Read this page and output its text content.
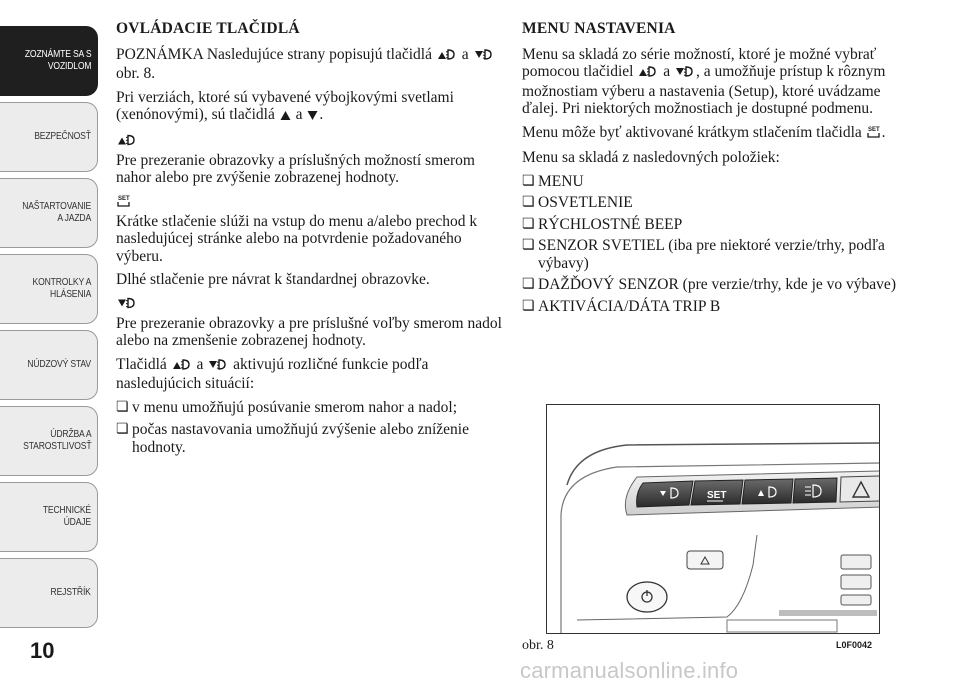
ZOZNÁMTE SA S
VOZIDLOM
BEZPEČNOSŤ
NAŠTARTOVANIE
A JAZDA
KONTROLKY A
HLÁSENIA
NÚDZOVÝ STAV
ÚDRŽBA A
STAROSTLIVOSŤ
TECHNICKÉ
ÚDAJE
REJSTŘÍK
10
OVLÁDACIE TLAČIDLÁ

POZNÁMKA Nasledujúce strany popisujú tlačidlá a  obr. 8.

Pri verziách, ktoré sú vybavené výbojkovými svetlami (xenónovými), sú tlačidlá a .

Pre prezeranie obrazovky a príslušných možností smerom nahor alebo pre zvýšenie zobrazenej hodnoty.

SET

Krátke stlačenie slúži na vstup do menu a/alebo prechod k nasledujúcej stránke alebo na potvrdenie požadovaného výberu.

Dlhé stlačenie pre návrat k štandardnej obrazovke.

Pre prezeranie obrazovky a pre príslušné voľby smerom nadol alebo na zmenšenie zobrazenej hodnoty.

Tlačidlá a aktivujú rozličné funkcie podľa nasledujúcich situácií:

❏ v menu umožňujú posúvanie smerom nahor a nadol;
❏ počas nastavovania umožňujú zvýšenie alebo zníženie hodnoty.
MENU NASTAVENIA

Menu sa skladá zo série možností, ktoré je možné vybrať pomocou tlačidiel a , a umožňuje prístup k rôznym možnostiam výberu a nastavenia (Setup), ktoré uvádzame ďalej. Pri niektorých možnostiach je dostupné podmenu.

Menu môže byť aktivované krátkym stlačením tlačidla SET .

Menu sa skladá z nasledovných položiek:

❏ MENU
❏ OSVETLENIE
❏ RÝCHLOSTNÉ BEEP
❏ SENZOR SVETIEL (iba pre niektoré verzie/trhy, podľa výbavy)
❏ DAŽĎOVÝ SENZOR (pre verzie/trhy, kde je vo výbave)
❏ AKTIVÁCIA/DÁTA TRIP B
SET
obr. 8	L0F0042
carmanualsonline.info
